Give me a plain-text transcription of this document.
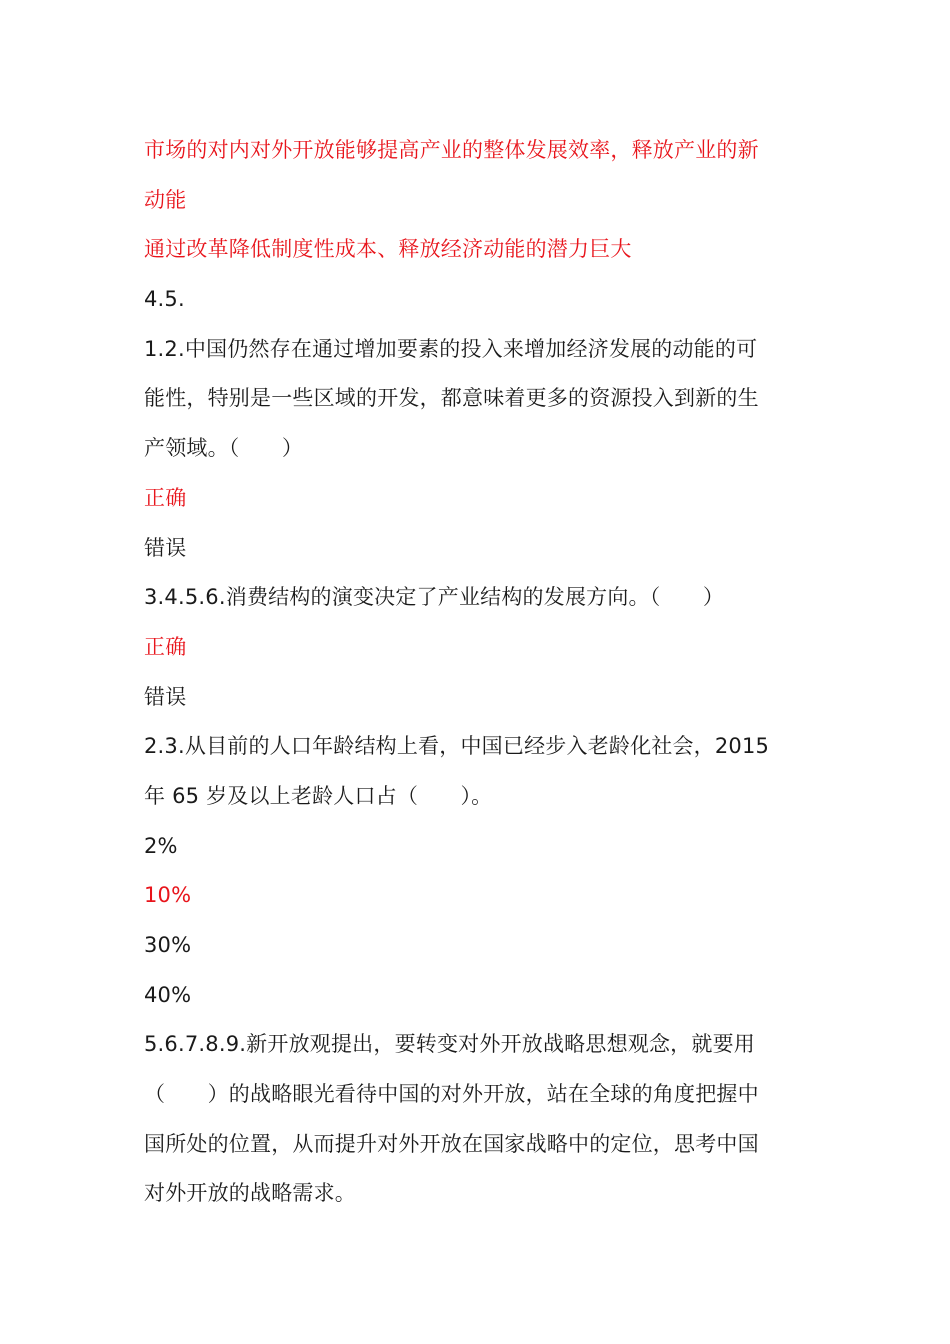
市场的对内对外开放能够提高产业的整体发展效率，释放产业的新
动能
通过改革降低制度性成本、释放经济动能的潜力巨大
4.5.
1.2.中国仍然存在通过增加要素的投入来增加经济发展的动能的可
能性，特别是一些区域的开发，都意味着更多的资源投入到新的生
产领域。（　　）
正确
错误
3.4.5.6.消费结构的演变决定了产业结构的发展方向。（　　）
正确
错误
2.3.从目前的人口年龄结构上看，中国已经步入老龄化社会，2015
年 65 岁及以上老龄人口占（　　）。
2%
10%
30%
40%
5.6.7.8.9.新开放观提出，要转变对外开放战略思想观念，就要用
（　　）的战略眼光看待中国的对外开放，站在全球的角度把握中
国所处的位置，从而提升对外开放在国家战略中的定位，思考中国
对外开放的战略需求。
